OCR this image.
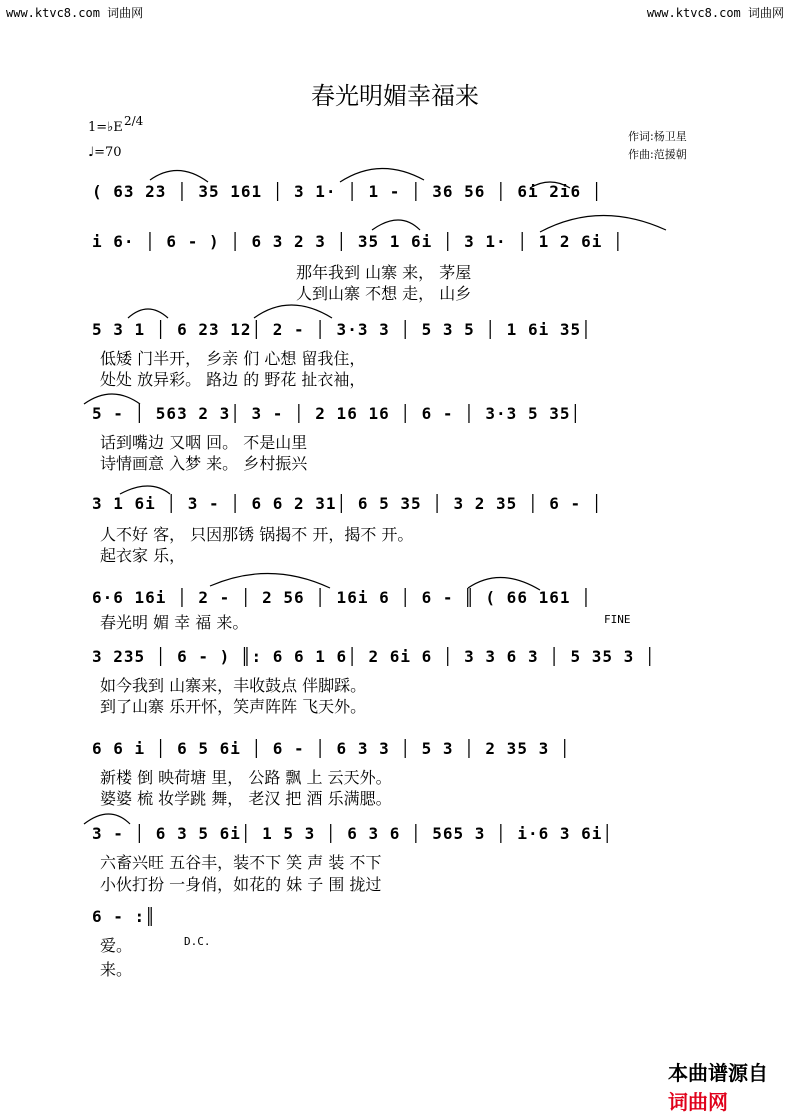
www.ktvc8.com 词曲网	www.ktvc8.com 词曲网
春光明媚幸福来
1=♭E 2/4
♩=70
作词:杨卫星
作曲:范援朝
( 63 23 │ 35 161 │ 3 1· │ 1 - │ 36 56 │ 6i 2i6 │
i 6· │ 6 - ) │ 6 3 2 3 │ 35 1 6i │ 3 1· │ 1 2 6i │
那年我到 山寨 来， 茅屋
人到山寨 不想 走， 山乡
5 3 1 │ 6 23 12│ 2 - │ 3·3 3 │ 5 3 5 │ 1 6i 35│
低矮 门半开， 乡亲 们 心想 留我住，
处处 放异彩。 路边 的 野花 扯衣袖，
5 - │ 563 2 3│ 3 - │ 2 16 16 │ 6 - │ 3·3 5 35│
话到嘴边 又咽 回。 不是山里
诗情画意 入梦 来。 乡村振兴
3 1 6i │ 3 - │ 6 6 2 31│ 6 5 35 │ 3 2 35 │ 6 - │
人不好 客， 只因那锈 锅揭不 开，揭不 开。
起衣家 乐，
6·6 16i │ 2 - │ 2 56 │ 16i 6 │ 6 - ║ ( 66 161 │
春光明 媚 幸 福 来。	FINE
3 235 │ 6 - ) ║: 6 6 1 6│ 2 6i 6 │ 3 3 6 3 │ 5 35 3 │
如今我到 山寨来，丰收鼓点 伴脚踩。
到了山寨 乐开怀，笑声阵阵 飞天外。
6 6 i │ 6 5 6i │ 6 - │ 6 3 3 │ 5 3 │ 2 35 3 │
新楼 倒 映荷塘 里， 公路 飘 上 云天外。
婆婆 梳 妆学跳 舞， 老汉 把 酒 乐满腮。
3 - │ 6 3 5 6i│ 1 5 3 │ 6 3 6 │ 565 3 │ i·6 3 6i│
六畜兴旺 五谷丰，装不下 笑 声 装 不下
小伙打扮 一身俏，如花的 妹 子 围 拢过
6 - :║
爱。	D.C.
来。

本曲谱源自
词曲网
